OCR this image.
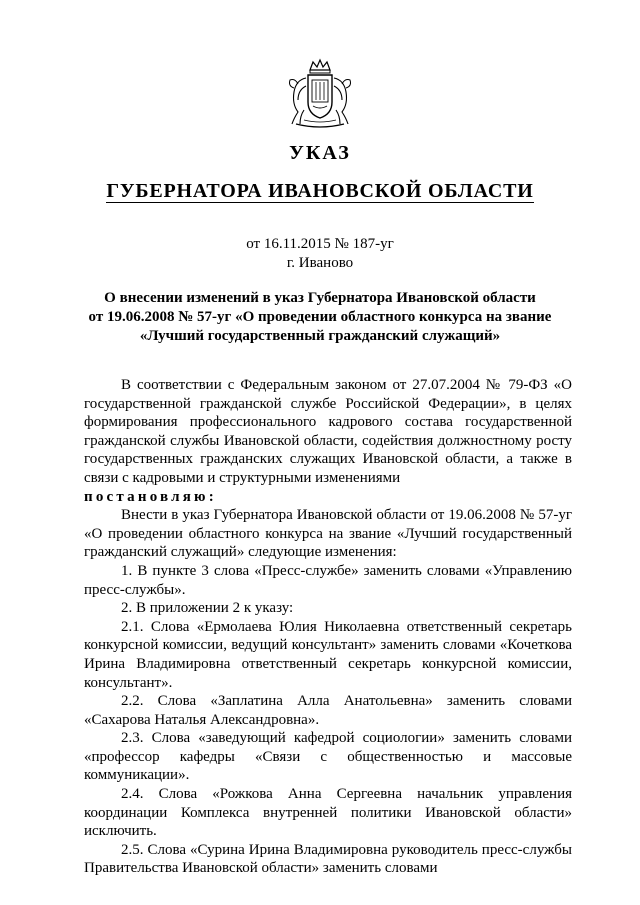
УКАЗ
ГУБЕРНАТОРА ИВАНОВСКОЙ ОБЛАСТИ
от 16.11.2015 № 187-уг
г. Иваново
О внесении изменений в указ Губернатора Ивановской области
от 19.06.2008 № 57-уг «О проведении областного конкурса на звание
«Лучший государственный гражданский служащий»

В соответствии с Федеральным законом от 27.07.2004 № 79-ФЗ «О государственной гражданской службе Российской Федерации», в целях формирования профессионального кадрового состава государственной гражданской службы Ивановской области, содействия должностному росту государственных гражданских служащих Ивановской области, а также в связи с кадровыми и структурными изменениями
постановляю:

Внести в указ Губернатора Ивановской области от 19.06.2008 № 57-уг «О проведении областного конкурса на звание «Лучший государственный гражданский служащий» следующие изменения:

1. В пункте 3 слова «Пресс-службе» заменить словами «Управлению пресс-службы».

2. В приложении 2 к указу:

2.1. Слова «Ермолаева Юлия Николаевна ответственный секретарь конкурсной комиссии, ведущий консультант» заменить словами «Кочеткова Ирина Владимировна ответственный секретарь конкурсной комиссии, консультант».

2.2. Слова «Заплатина Алла Анатольевна» заменить словами «Сахарова Наталья Александровна».

2.3. Слова «заведующий кафедрой социологии» заменить словами «профессор кафедры «Связи с общественностью и массовые коммуникации».

2.4. Слова «Рожкова Анна Сергеевна начальник управления координации Комплекса внутренней политики Ивановской области» исключить.

2.5. Слова «Сурина Ирина Владимировна руководитель пресс-службы Правительства Ивановской области» заменить словами
